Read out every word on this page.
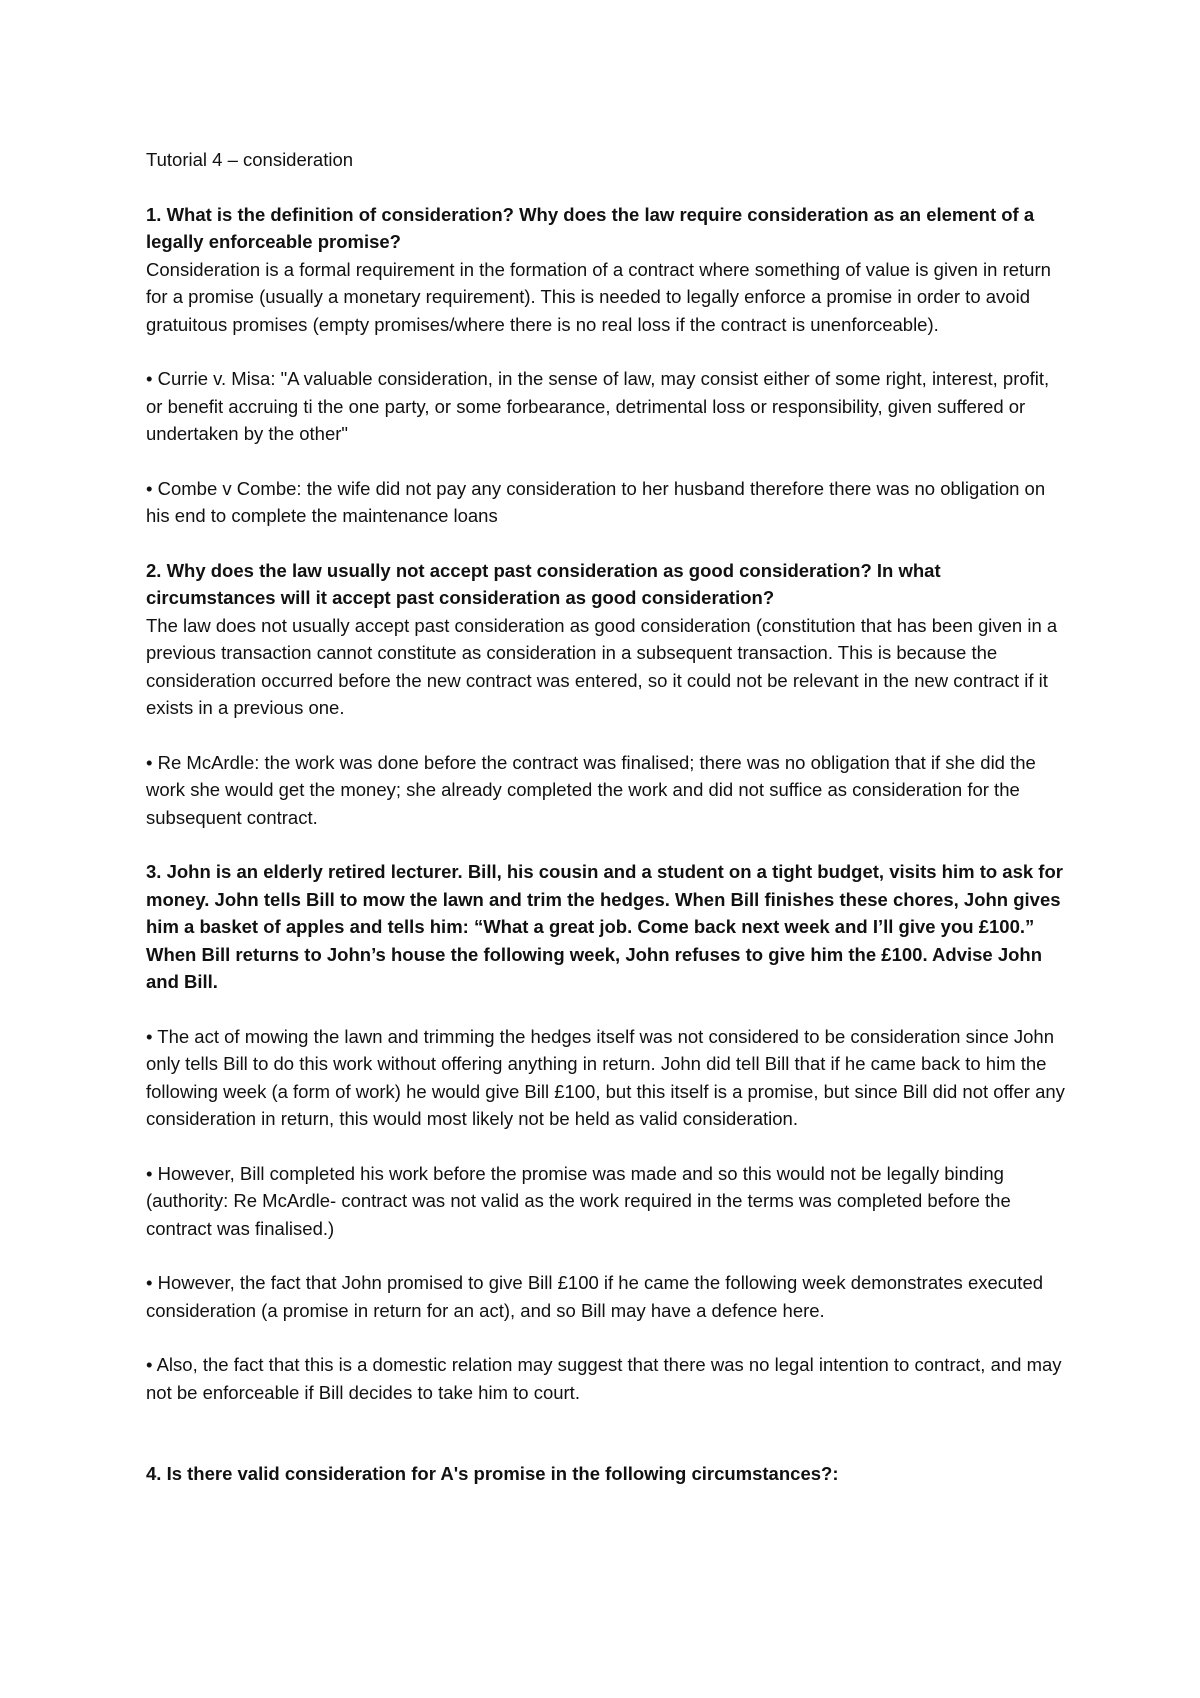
Tutorial 4 – consideration

1. What is the definition of consideration? Why does the law require consideration as an element of a legally enforceable promise?

Consideration is a formal requirement in the formation of a contract where something of value is given in return for a promise (usually a monetary requirement). This is needed to legally enforce a promise in order to avoid gratuitous promises (empty promises/where there is no real loss if the contract is unenforceable).

• Currie v. Misa: "A valuable consideration, in the sense of law, may consist either of some right, interest, profit, or benefit accruing ti the one party, or some forbearance, detrimental loss or responsibility, given suffered or undertaken by the other"

• Combe v Combe: the wife did not pay any consideration to her husband therefore there was no obligation on his end to complete the maintenance loans

2. Why does the law usually not accept past consideration as good consideration? In what circumstances will it accept past consideration as good consideration?

The law does not usually accept past consideration as good consideration (constitution that has been given in a previous transaction cannot constitute as consideration in a subsequent transaction. This is because the consideration occurred before the new contract was entered, so it could not be relevant in the new contract if it exists in a previous one.

• Re McArdle: the work was done before the contract was finalised; there was no obligation that if she did the work she would get the money; she already completed the work and did not suffice as consideration for the subsequent contract.

3. John is an elderly retired lecturer. Bill, his cousin and a student on a tight budget, visits him to ask for money. John tells Bill to mow the lawn and trim the hedges. When Bill finishes these chores, John gives him a basket of apples and tells him: “What a great job. Come back next week and I’ll give you £100.” When Bill returns to John’s house the following week, John refuses to give him the £100. Advise John and Bill.

• The act of mowing the lawn and trimming the hedges itself was not considered to be consideration since John only tells Bill to do this work without offering anything in return. John did tell Bill that if he came back to him the following week (a form of work) he would give Bill £100, but this itself is a promise, but since Bill did not offer any consideration in return, this would most likely not be held as valid consideration.

• However, Bill completed his work before the promise was made and so this would not be legally binding (authority: Re McArdle- contract was not valid as the work required in the terms was completed before the contract was finalised.)

• However, the fact that John promised to give Bill £100 if he came the following week demonstrates executed consideration (a promise in return for an act), and so Bill may have a defence here.

• Also, the fact that this is a domestic relation may suggest that there was no legal intention to contract, and may not be enforceable if Bill decides to take him to court.

4. Is there valid consideration for A's promise in the following circumstances?:
